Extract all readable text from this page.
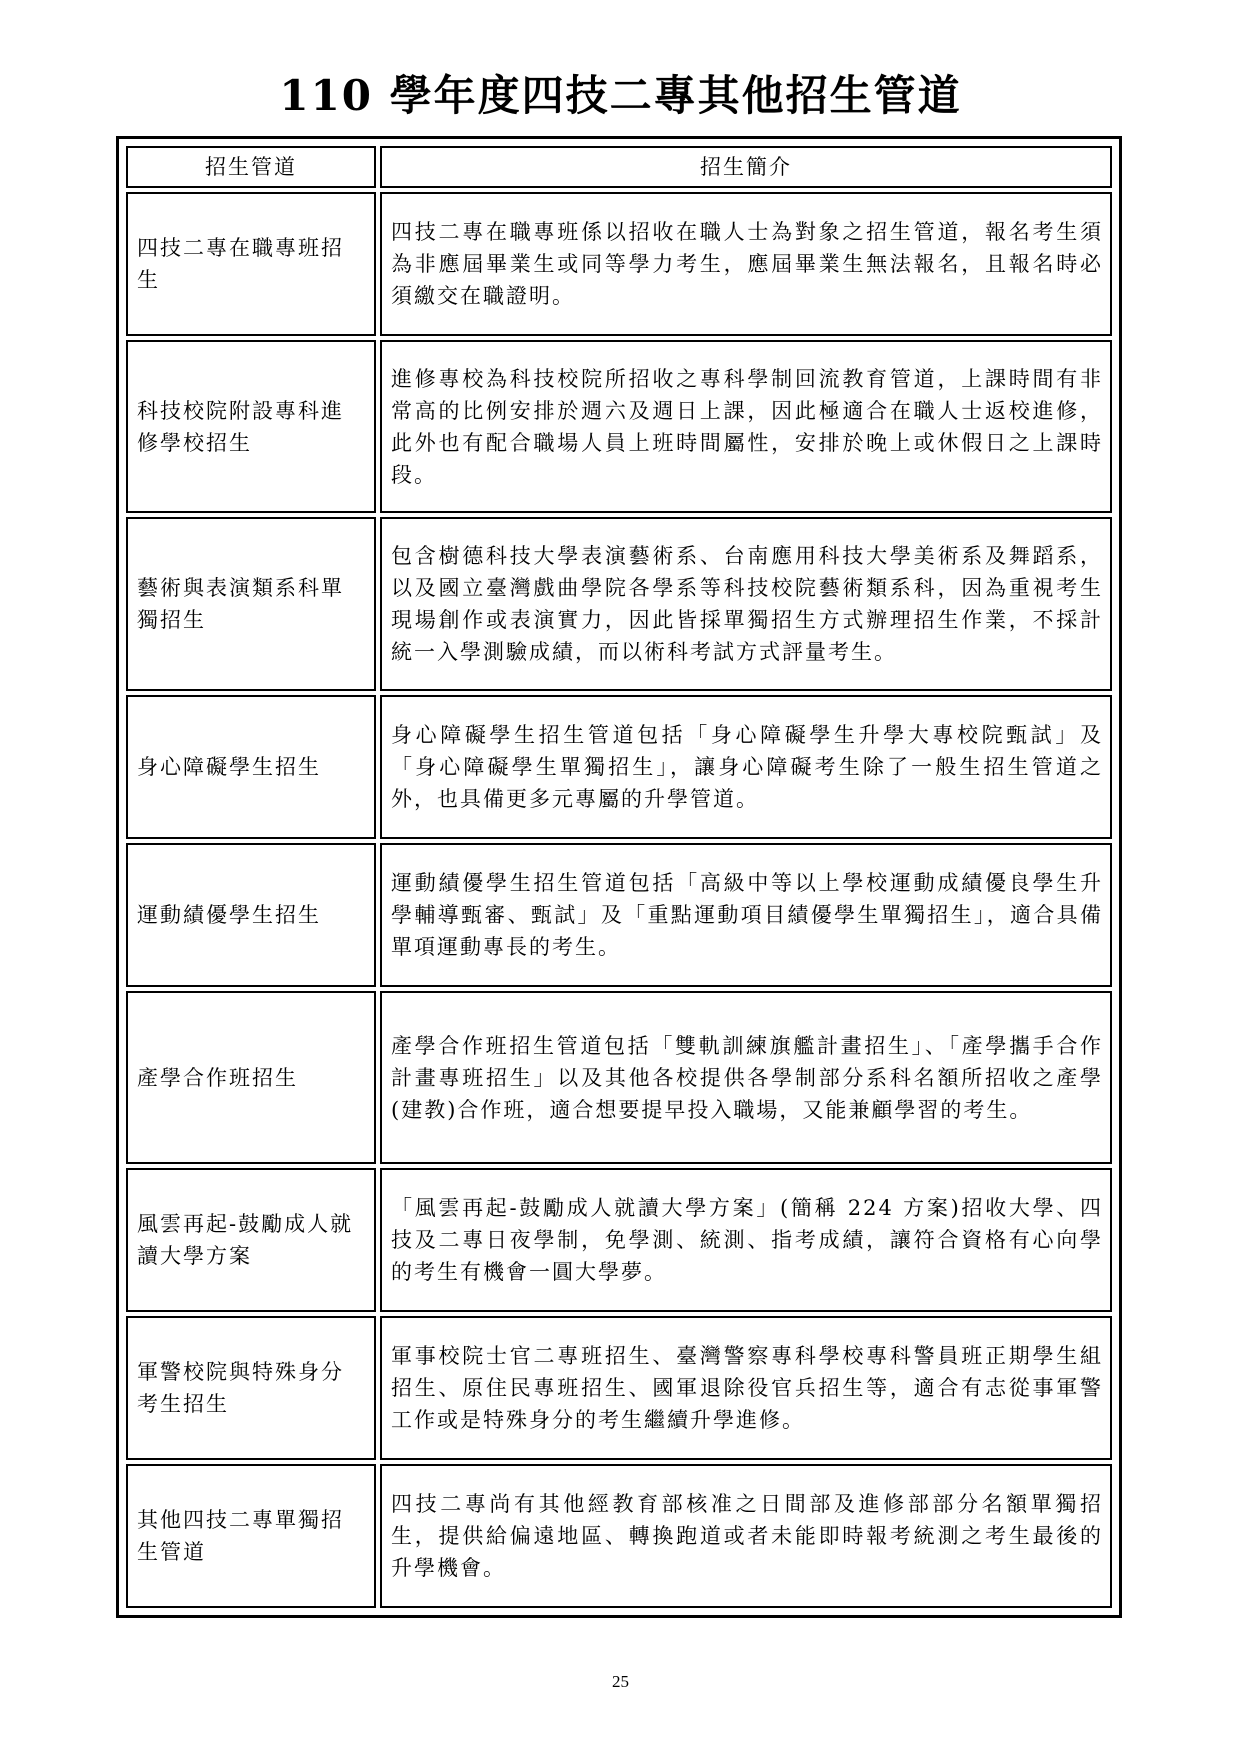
110 學年度四技二專其他招生管道
招生管道	招生簡介
四技二專在職專班招生	四技二專在職專班係以招收在職人士為對象之招生管道，報名考生須為非應屆畢業生或同等學力考生，應屆畢業生無法報名，且報名時必須繳交在職證明。
科技校院附設專科進修學校招生	進修專校為科技校院所招收之專科學制回流教育管道，上課時間有非常高的比例安排於週六及週日上課，因此極適合在職人士返校進修，此外也有配合職場人員上班時間屬性，安排於晚上或休假日之上課時段。
藝術與表演類系科單獨招生	包含樹德科技大學表演藝術系、台南應用科技大學美術系及舞蹈系，以及國立臺灣戲曲學院各學系等科技校院藝術類系科，因為重視考生現場創作或表演實力，因此皆採單獨招生方式辦理招生作業，不採計統一入學測驗成績，而以術科考試方式評量考生。
身心障礙學生招生	身心障礙學生招生管道包括「身心障礙學生升學大專校院甄試」及「身心障礙學生單獨招生」，讓身心障礙考生除了一般生招生管道之外，也具備更多元專屬的升學管道。
運動績優學生招生	運動績優學生招生管道包括「高級中等以上學校運動成績優良學生升學輔導甄審、甄試」及「重點運動項目績優學生單獨招生」，適合具備單項運動專長的考生。
產學合作班招生	產學合作班招生管道包括「雙軌訓練旗艦計畫招生」、「產學攜手合作計畫專班招生」以及其他各校提供各學制部分系科名額所招收之產學(建教)合作班，適合想要提早投入職場，又能兼顧學習的考生。
風雲再起-鼓勵成人就讀大學方案	「風雲再起-鼓勵成人就讀大學方案」(簡稱 224 方案)招收大學、四技及二專日夜學制，免學測、統測、指考成績，讓符合資格有心向學的考生有機會一圓大學夢。
軍警校院與特殊身分考生招生	軍事校院士官二專班招生、臺灣警察專科學校專科警員班正期學生組招生、原住民專班招生、國軍退除役官兵招生等，適合有志從事軍警工作或是特殊身分的考生繼續升學進修。
其他四技二專單獨招生管道	四技二專尚有其他經教育部核准之日間部及進修部部分名額單獨招生，提供給偏遠地區、轉換跑道或者未能即時報考統測之考生最後的升學機會。
25
